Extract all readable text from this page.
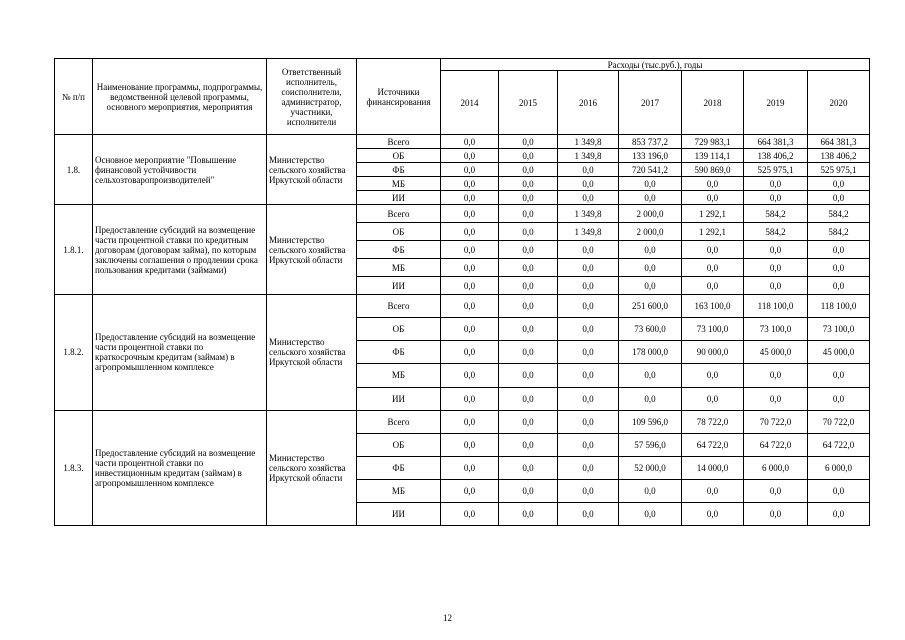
№ п/п	Наименование программы, подпрограммы, ведомственной целевой программы, основного мероприятия, мероприятия	Ответственный исполнитель, соисполнители, администратор, участники, исполнители	Источники финансирования	Расходы (тыс.руб.), годы						
				2014	2015	2016	2017	2018	2019	2020
1.8.	Основное мероприятие "Повышение финансовой устойчивости сельхозтоваропроизводителей"	Министерство сельского хозяйства Иркутской области	Всего	0,0	0,0	1 349,8	853 737,2	729 983,1	664 381,3	664 381,3
			ОБ	0,0	0,0	1 349,8	133 196,0	139 114,1	138 406,2	138 406,2
			ФБ	0,0	0,0	0,0	720 541,2	590 869,0	525 975,1	525 975,1
			МБ	0,0	0,0	0,0	0,0	0,0	0,0	0,0
			ИИ	0,0	0,0	0,0	0,0	0,0	0,0	0,0
1.8.1.	Предоставление субсидий на возмещение части процентной ставки по кредитным договорам (договорам займа), по которым заключены соглашения о продлении срока пользования кредитами (займами)	Министерство сельского хозяйства Иркутской области	Всего	0,0	0,0	1 349,8	2 000,0	1 292,1	584,2	584,2
			ОБ	0,0	0,0	1 349,8	2 000,0	1 292,1	584,2	584,2
			ФБ	0,0	0,0	0,0	0,0	0,0	0,0	0,0
			МБ	0,0	0,0	0,0	0,0	0,0	0,0	0,0
			ИИ	0,0	0,0	0,0	0,0	0,0	0,0	0,0
1.8.2.	Предоставление субсидий на возмещение части процентной ставки по краткосрочным кредитам (займам) в агропромышленном комплексе	Министерство сельского хозяйства Иркутской области	Всего	0,0	0,0	0,0	251 600,0	163 100,0	118 100,0	118 100,0
			ОБ	0,0	0,0	0,0	73 600,0	73 100,0	73 100,0	73 100,0
			ФБ	0,0	0,0	0,0	178 000,0	90 000,0	45 000,0	45 000,0
			МБ	0,0	0,0	0,0	0,0	0,0	0,0	0,0
			ИИ	0,0	0,0	0,0	0,0	0,0	0,0	0,0
1.8.3.	Предоставление субсидий на возмещение части процентной ставки по инвестиционным кредитам (займам) в агропромышленном комплексе	Министерство сельского хозяйства Иркутской области	Всего	0,0	0,0	0,0	109 596,0	78 722,0	70 722,0	70 722,0
			ОБ	0,0	0,0	0,0	57 596,0	64 722,0	64 722,0	64 722,0
			ФБ	0,0	0,0	0,0	52 000,0	14 000,0	6 000,0	6 000,0
			МБ	0,0	0,0	0,0	0,0	0,0	0,0	0,0
			ИИ	0,0	0,0	0,0	0,0	0,0	0,0	0,0
12
